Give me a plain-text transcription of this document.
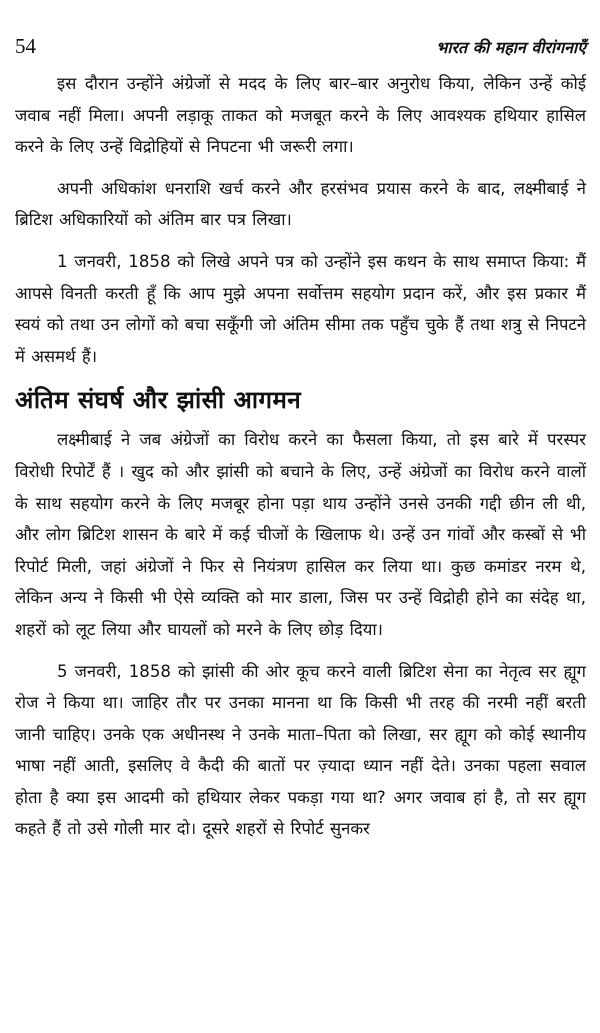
54	भारत की महान वीरांगनाएँ

इस दौरान उन्होंने अंग्रेजों से मदद के लिए बार–बार अनुरोध किया, लेकिन उन्हें कोई जवाब नहीं मिला। अपनी लड़ाकू ताकत को मजबूत करने के लिए आवश्यक हथियार हासिल करने के लिए उन्हें विद्रोहियों से निपटना भी जरूरी लगा।

अपनी अधिकांश धनराशि खर्च करने और हरसंभव प्रयास करने के बाद, लक्ष्मीबाई ने ब्रिटिश अधिकारियों को अंतिम बार पत्र लिखा।

1 जनवरी, 1858 को लिखे अपने पत्र को उन्होंने इस कथन के साथ समाप्त किया: मैं आपसे विनती करती हूँ कि आप मुझे अपना सर्वोत्तम सहयोग प्रदान करें, और इस प्रकार मैं स्वयं को तथा उन लोगों को बचा सकूँगी जो अंतिम सीमा तक पहुँच चुके हैं तथा शत्रु से निपटने में असमर्थ हैं।

अंतिम संघर्ष और झांसी आगमन

लक्ष्मीबाई ने जब अंग्रेजों का विरोध करने का फैसला किया, तो इस बारे में परस्पर विरोधी रिपोर्टें हैं । खुद को और झांसी को बचाने के लिए, उन्हें अंग्रेजों का विरोध करने वालों के साथ सहयोग करने के लिए मजबूर होना पड़ा थाय उन्होंने उनसे उनकी गद्दी छीन ली थी, और लोग ब्रिटिश शासन के बारे में कई चीजों के खिलाफ थे। उन्हें उन गांवों और कस्बों से भी रिपोर्ट मिली, जहां अंग्रेजों ने फिर से नियंत्रण हासिल कर लिया था। कुछ कमांडर नरम थे, लेकिन अन्य ने किसी भी ऐसे व्यक्ति को मार डाला, जिस पर उन्हें विद्रोही होने का संदेह था, शहरों को लूट लिया और घायलों को मरने के लिए छोड़ दिया।

5 जनवरी, 1858 को झांसी की ओर कूच करने वाली ब्रिटिश सेना का नेतृत्व सर ह्यूग रोज ने किया था। जाहिर तौर पर उनका मानना था कि किसी भी तरह की नरमी नहीं बरती जानी चाहिए। उनके एक अधीनस्थ ने उनके माता–पिता को लिखा, सर ह्यूग को कोई स्थानीय भाषा नहीं आती, इसलिए वे कैदी की बातों पर ज़्यादा ध्यान नहीं देते। उनका पहला सवाल होता है क्या इस आदमी को हथियार लेकर पकड़ा गया था? अगर जवाब हां है, तो सर ह्यूग कहते हैं तो उसे गोली मार दो। दूसरे शहरों से रिपोर्ट सुनकर
